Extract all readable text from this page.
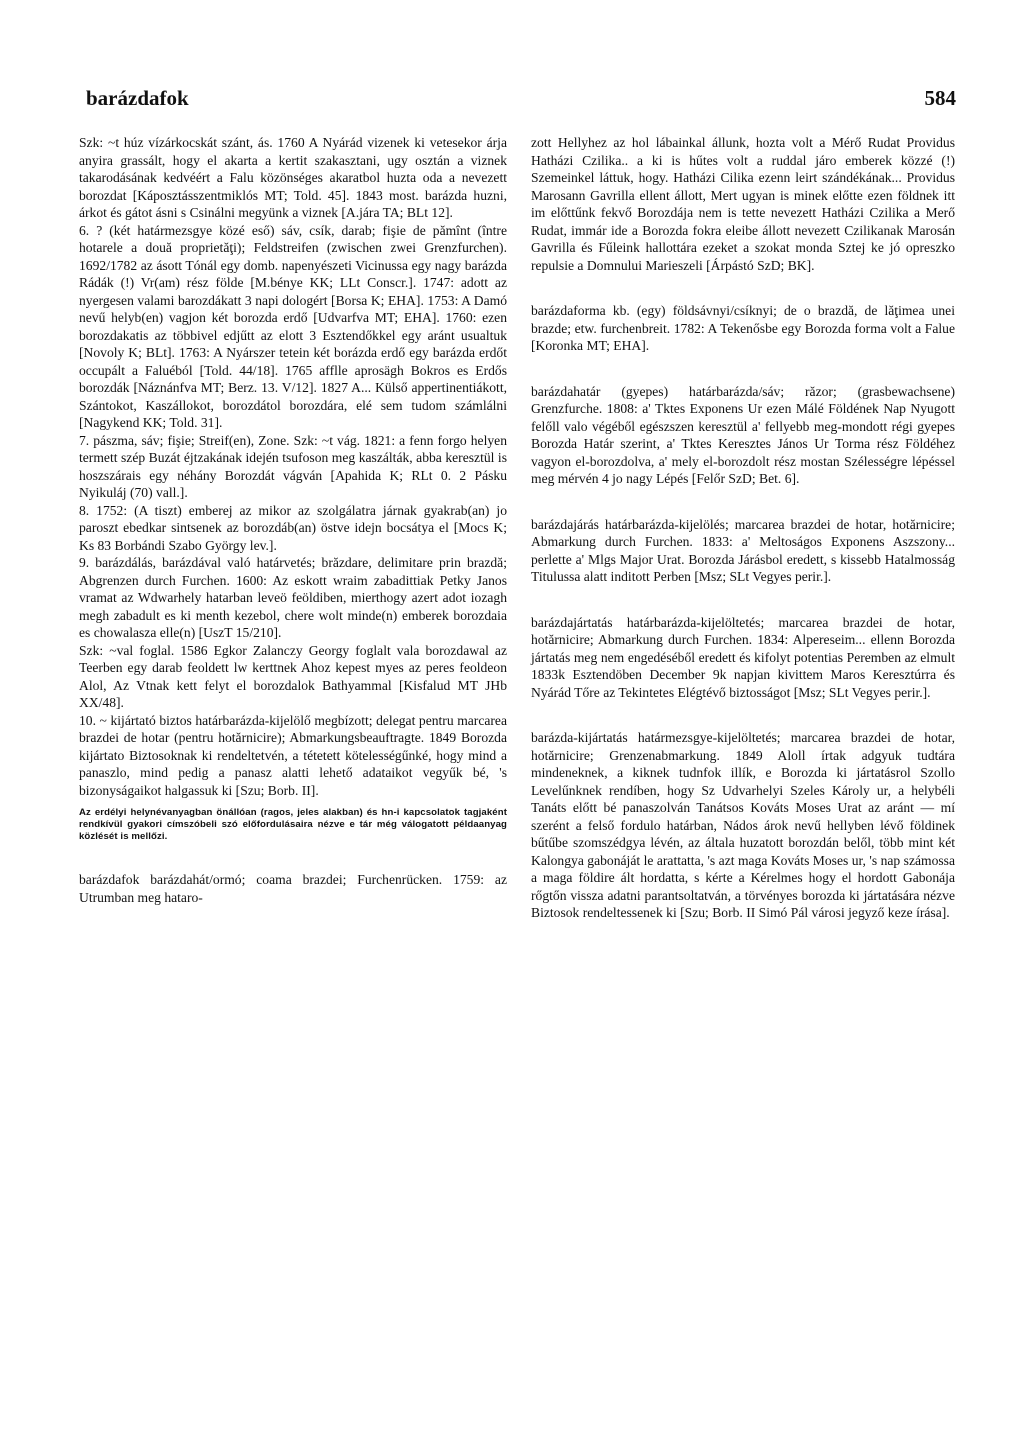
barázdafok	584

Szk: ~t húz vízárkocskát szánt, ás. 1760 A Nyárád vizenek ki vetesekor árja anyira grassált, hogy el akarta a kertit szakasztani, ugy osztán a viznek takarodásának kedvéért a Falu közönséges akaratbol huzta oda a nevezett borozdat [Káposztásszentmiklós MT; Told. 45]. 1843 most. barázda huzni, árkot és gátot ásni s Csinálni megyünk a viznek [A.jára TA; BLt 12].

6. ? (két határmezsgye közé eső) sáv, csík, darab; fişie de pămînt (între hotarele a două proprietăţi); Feldstreifen (zwischen zwei Grenzfurchen). 1692/1782 az ásott Tónál egy domb. napenyészeti Vicinussa egy nagy barázda Rádák (!) Vr(am) rész földe [M.bénye KK; LLt Conscr.]. 1747: adott az nyergesen valami barozdákatt 3 napi dologért [Borsa K; EHA]. 1753: A Damó nevű helyb(en) vagjon két borozda erdő [Udvarfva MT; EHA]. 1760: ezen borozdakatis az többivel edjűtt az elott 3 Esztendőkkel egy aránt usualtuk [Novoly K; BLt]. 1763: A Nyárszer tetein két borázda erdő egy barázda erdőt occupált a Faluéból [Told. 44/18]. 1765 afflle aprosägh Bokros es Erdős borozdák [Náznánfva MT; Berz. 13. V/12]. 1827 A... Külső appertinentiákott, Szántokot, Kaszállokot, borozdátol borozdára, elé sem tudom számlálni [Nagykend KK; Told. 31].

7. pászma, sáv; fişie; Streif(en), Zone. Szk: ~t vág. 1821: a fenn forgo helyen termett szép Buzát éjtzakának idején tsufoson meg kaszálták, abba keresztül is hoszszárais egy néhány Borozdát vágván [Apahida K; RLt 0. 2 Pásku Nyikuláj (70) vall.].

8. 1752: (A tiszt) emberej az mikor az szolgálatra járnak gyakrab(an) jo paroszt ebedkar sintsenek az borozdáb(an) östve idejn bocsátya el [Mocs K; Ks 83 Borbándi Szabo György lev.].

9. barázdálás, barázdával való határvetés; brăzdare, delimitare prin brazdă; Abgrenzen durch Furchen. 1600: Az eskott wraim zabadittiak Petky Janos vramat az Wdwarhely hatarban leveö feöldiben, mierthogy azert adot iozagh megh zabadult es ki menth kezebol, chere wolt minde(n) emberek borozdaia es chowalasza elle(n) [UszT 15/210].

Szk: ~val foglal. 1586 Egkor Zalanczy Georgy foglalt vala borozdawal az Teerben egy darab feoldett lw kerttnek Ahoz kepest myes az peres feoldeon Alol, Az Vtnak kett felyt el borozdalok Bathyammal [Kisfalud MT JHb XX/48].

10. ~ kijártató biztos határbarázda-kijelölő megbízott; delegat pentru marcarea brazdei de hotar (pentru hotărnicire); Abmarkungsbeauftragte. 1849 Borozda kijártato Biztosoknak ki rendeltetvén, a tétetett kötelességűnké, hogy mind a panaszlo, mind pedig a panasz alatti lehető adataikot vegyűk bé, 's bizonyságaikot halgassuk ki [Szu; Borb. II].

Az erdélyi helynévanyagban önállóan (ragos, jeles alakban) és hn-i kapcsolatok tagjaként rendkívül gyakori címszóbeli szó előfordulásaira nézve e tár még válogatott példaanyag közlését is mellőzi.

barázdafok barázdahát/ormó; coama brazdei; Furchenrücken. 1759: az Utrumban meg hataro-

zott Hellyhez az hol lábainkal állunk, hozta volt a Mérő Rudat Providus Hatházi Czilika.. a ki is hűtes volt a ruddal járo emberek közzé (!) Szemeinkel láttuk, hogy. Hatházi Cilika ezenn leirt szándékának... Providus Marosann Gavrilla ellent állott, Mert ugyan is minek előtte ezen földnek itt im előttűnk fekvő Borozdája nem is tette nevezett Hatházi Czilika a Merő Rudat, immár ide a Borozda fokra eleibe állott nevezett Czilikanak Marosán Gavrilla és Fűleink hallottára ezeket a szokat monda Sztej ke jó opreszko repulsie a Domnului Marieszeli [Árpástó SzD; BK].

barázdaforma kb. (egy) földsávnyi/csíknyi; de o brazdă, de lăţimea unei brazde; etw. furchenbreit. 1782: A Tekenősbe egy Borozda forma volt a Falue [Koronka MT; EHA].

barázdahatár (gyepes) határbarázda/sáv; răzor; (grasbewachsene) Grenzfurche. 1808: a' Tktes Exponens Ur ezen Málé Földének Nap Nyugott felőll valo végéből egészszen keresztül a' fellyebb meg-mondott régi gyepes Borozda Határ szerint, a' Tktes Keresztes János Ur Torma rész Földéhez vagyon el-borozdolva, a' mely el-borozdolt rész mostan Szélességre lépéssel meg mérvén 4 jo nagy Lépés [Felőr SzD; Bet. 6].

barázdajárás határbarázda-kijelölés; marcarea brazdei de hotar, hotărnicire; Abmarkung durch Furchen. 1833: a' Meltoságos Exponens Aszszony... perlette a' Mlgs Major Urat. Borozda Járásbol eredett, s kissebb Hatalmosság Titulussa alatt inditott Perben [Msz; SLt Vegyes perir.].

barázdajártatás határbarázda-kijelöltetés; marcarea brazdei de hotar, hotărnicire; Abmarkung durch Furchen. 1834: Alpereseim... ellenn Borozda jártatás meg nem engedéséből eredett és kifolyt potentias Peremben az elmult 1833k Esztendöben December 9k napjan kivittem Maros Keresztúrra és Nyárád Tőre az Tekintetes Elégtévő biztosságot [Msz; SLt Vegyes perir.].

barázda-kijártatás határmezsgye-kijelöltetés; marcarea brazdei de hotar, hotărnicire; Grenzenabmarkung. 1849 Aloll írtak adgyuk tudtára mindeneknek, a kiknek tudnfok illík, e Borozda ki jártatásrol Szollo Levelűnknek rendíben, hogy Sz Udvarhelyi Szeles Károly ur, a helybéli Tanáts előtt bé panaszolván Tanátsos Kováts Moses Urat az aránt — mí szerént a felső fordulo határban, Nádos árok nevű hellyben lévő földinek bűtűbe szomszédgya lévén, az általa huzatott borozdán belől, több mint két Kalongya gabonáját le arattatta, 's azt maga Kováts Moses ur, 's nap számossa a maga földire ált hordatta, s kérte a Kérelmes hogy el hordott Gabonája rőgtőn vissza adatni parantsoltatván, a törvényes borozda ki jártatására nézve Biztosok rendeltessenek ki [Szu; Borb. II Simó Pál városi jegyző keze írása].
